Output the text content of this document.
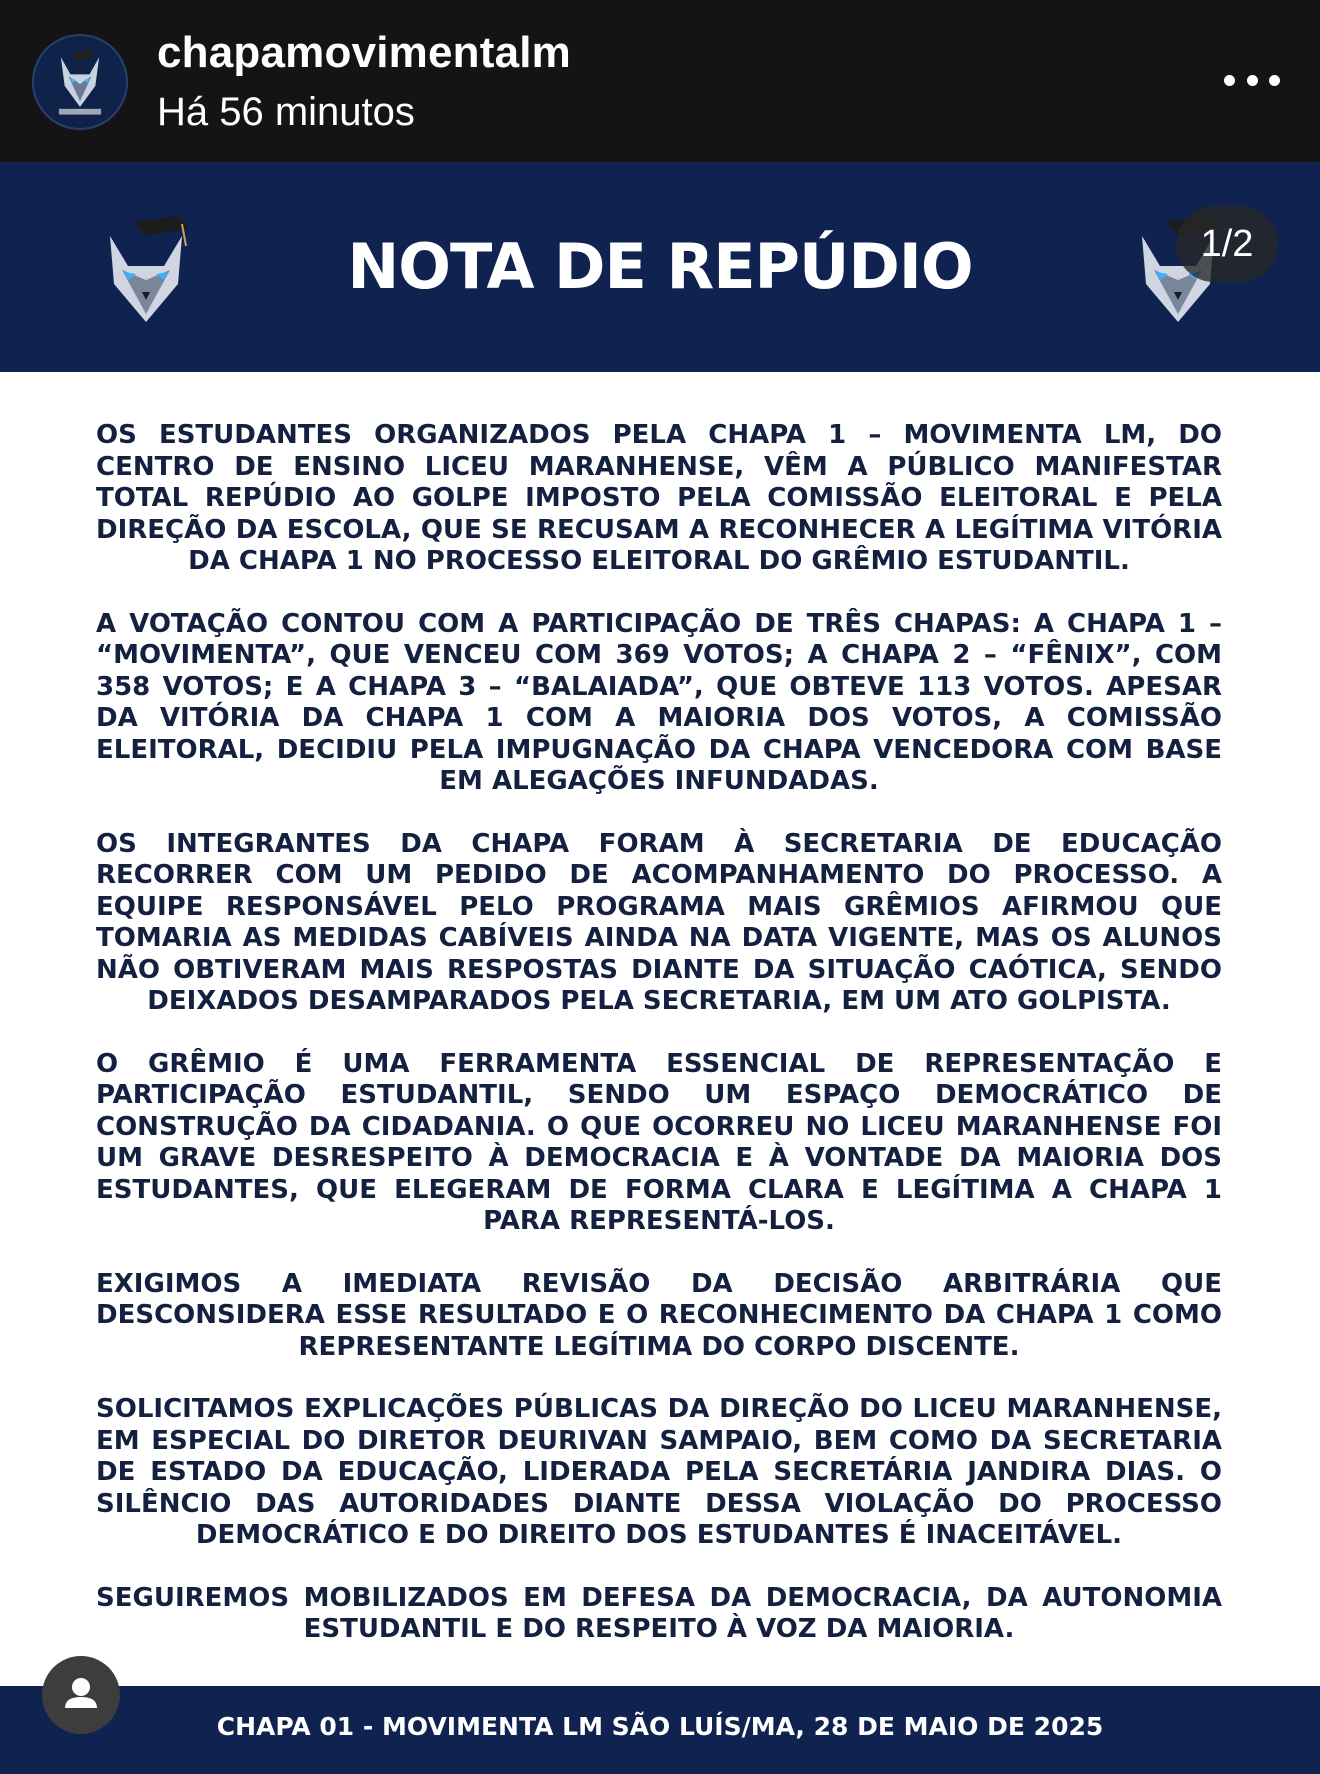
chapamovimentalm
Há 56 minutos
NOTA DE REPÚDIO	1/2

OS ESTUDANTES ORGANIZADOS PELA CHAPA 1 – MOVIMENTA LM, DO CENTRO DE ENSINO LICEU MARANHENSE, VÊM A PÚBLICO MANIFESTAR TOTAL REPÚDIO AO GOLPE IMPOSTO PELA COMISSÃO ELEITORAL E PELA DIREÇÃO DA ESCOLA, QUE SE RECUSAM A RECONHECER A LEGÍTIMA VITÓRIA DA CHAPA 1 NO PROCESSO ELEITORAL DO GRÊMIO ESTUDANTIL.

A VOTAÇÃO CONTOU COM A PARTICIPAÇÃO DE TRÊS CHAPAS: A CHAPA 1 – “MOVIMENTA”, QUE VENCEU COM 369 VOTOS; A CHAPA 2 – “FÊNIX”, COM 358 VOTOS; E A CHAPA 3 – “BALAIADA”, QUE OBTEVE 113 VOTOS. APESAR DA VITÓRIA DA CHAPA 1 COM A MAIORIA DOS VOTOS, A COMISSÃO ELEITORAL, DECIDIU PELA IMPUGNAÇÃO DA CHAPA VENCEDORA COM BASE EM ALEGAÇÕES INFUNDADAS.

OS INTEGRANTES DA CHAPA FORAM À SECRETARIA DE EDUCAÇÃO RECORRER COM UM PEDIDO DE ACOMPANHAMENTO DO PROCESSO. A EQUIPE RESPONSÁVEL PELO PROGRAMA MAIS GRÊMIOS AFIRMOU QUE TOMARIA AS MEDIDAS CABÍVEIS AINDA NA DATA VIGENTE, MAS OS ALUNOS NÃO OBTIVERAM MAIS RESPOSTAS DIANTE DA SITUAÇÃO CAÓTICA, SENDO DEIXADOS DESAMPARADOS PELA SECRETARIA, EM UM ATO GOLPISTA.

O GRÊMIO É UMA FERRAMENTA ESSENCIAL DE REPRESENTAÇÃO E PARTICIPAÇÃO ESTUDANTIL, SENDO UM ESPAÇO DEMOCRÁTICO DE CONSTRUÇÃO DA CIDADANIA. O QUE OCORREU NO LICEU MARANHENSE FOI UM GRAVE DESRESPEITO À DEMOCRACIA E À VONTADE DA MAIORIA DOS ESTUDANTES, QUE ELEGERAM DE FORMA CLARA E LEGÍTIMA A CHAPA 1 PARA REPRESENTÁ-LOS.

EXIGIMOS A IMEDIATA REVISÃO DA DECISÃO ARBITRÁRIA QUE DESCONSIDERA ESSE RESULTADO E O RECONHECIMENTO DA CHAPA 1 COMO REPRESENTANTE LEGÍTIMA DO CORPO DISCENTE.

SOLICITAMOS EXPLICAÇÕES PÚBLICAS DA DIREÇÃO DO LICEU MARANHENSE, EM ESPECIAL DO DIRETOR DEURIVAN SAMPAIO, BEM COMO DA SECRETARIA DE ESTADO DA EDUCAÇÃO, LIDERADA PELA SECRETÁRIA JANDIRA DIAS. O SILÊNCIO DAS AUTORIDADES DIANTE DESSA VIOLAÇÃO DO PROCESSO DEMOCRÁTICO E DO DIREITO DOS ESTUDANTES É INACEITÁVEL.

SEGUIREMOS MOBILIZADOS EM DEFESA DA DEMOCRACIA, DA AUTONOMIA ESTUDANTIL E DO RESPEITO À VOZ DA MAIORIA.

CHAPA 01 - MOVIMENTA LM SÃO LUÍS/MA, 28 DE MAIO DE 2025
